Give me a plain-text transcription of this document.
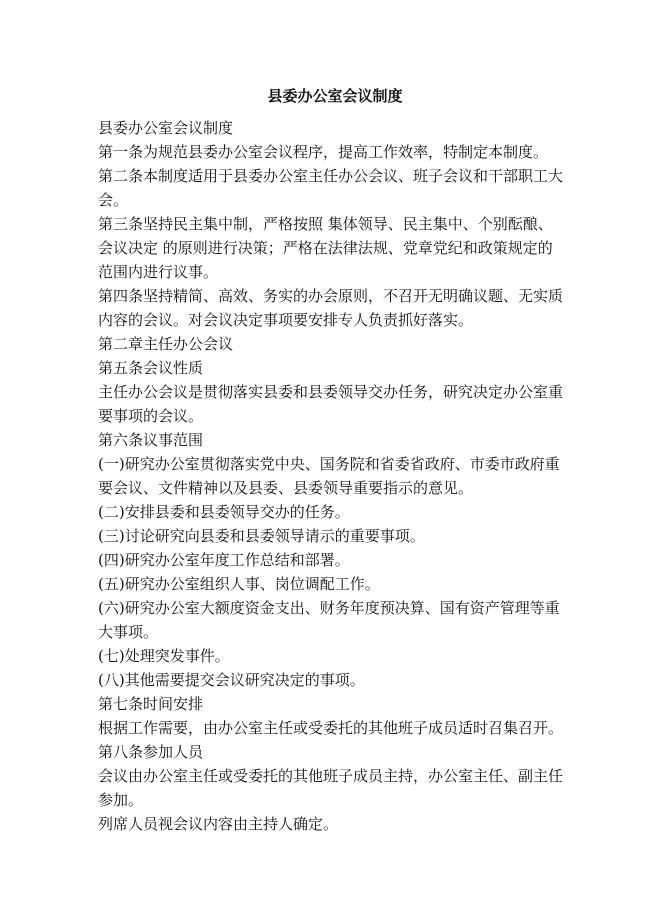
县委办公室会议制度

县委办公室会议制度

第一条为规范县委办公室会议程序，提高工作效率，特制定本制度。

第二条本制度适用于县委办公室主任办公会议、班子会议和干部职工大会。

第三条坚持民主集中制，严格按照 集体领导、民主集中、个别酝酿、会议决定 的原则进行决策；严格在法律法规、党章党纪和政策规定的范围内进行议事。

第四条坚持精简、高效、务实的办会原则，不召开无明确议题、无实质内容的会议。对会议决定事项要安排专人负责抓好落实。

第二章主任办公会议

第五条会议性质

主任办公会议是贯彻落实县委和县委领导交办任务，研究决定办公室重要事项的会议。

第六条议事范围

(一)研究办公室贯彻落实党中央、国务院和省委省政府、市委市政府重要会议、文件精神以及县委、县委领导重要指示的意见。

(二)安排县委和县委领导交办的任务。

(三)讨论研究向县委和县委领导请示的重要事项。

(四)研究办公室年度工作总结和部署。

(五)研究办公室组织人事、岗位调配工作。

(六)研究办公室大额度资金支出、财务年度预决算、国有资产管理等重大事项。

(七)处理突发事件。

(八)其他需要提交会议研究决定的事项。

第七条时间安排

根据工作需要，由办公室主任或受委托的其他班子成员适时召集召开。

第八条参加人员

会议由办公室主任或受委托的其他班子成员主持，办公室主任、副主任参加。

列席人员视会议内容由主持人确定。
